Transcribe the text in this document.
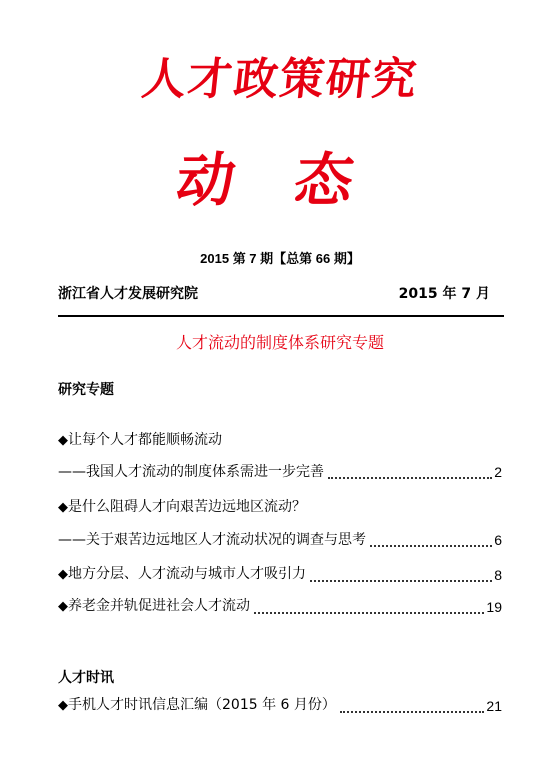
人才政策研究
动态
2015 第 7 期【总第 66 期】
浙江省人才发展研究院	2015 年 7 月
人才流动的制度体系研究专题
研究专题
◆让每个人才都能顺畅流动
——我国人才流动的制度体系需进一步完善	2
◆是什么阻碍人才向艰苦边远地区流动？
——关于艰苦边远地区人才流动状况的调查与思考	6
◆地方分层、人才流动与城市人才吸引力	8
◆养老金并轨促进社会人才流动	19
人才时讯
◆手机人才时讯信息汇编（2015 年 6 月份）	21
